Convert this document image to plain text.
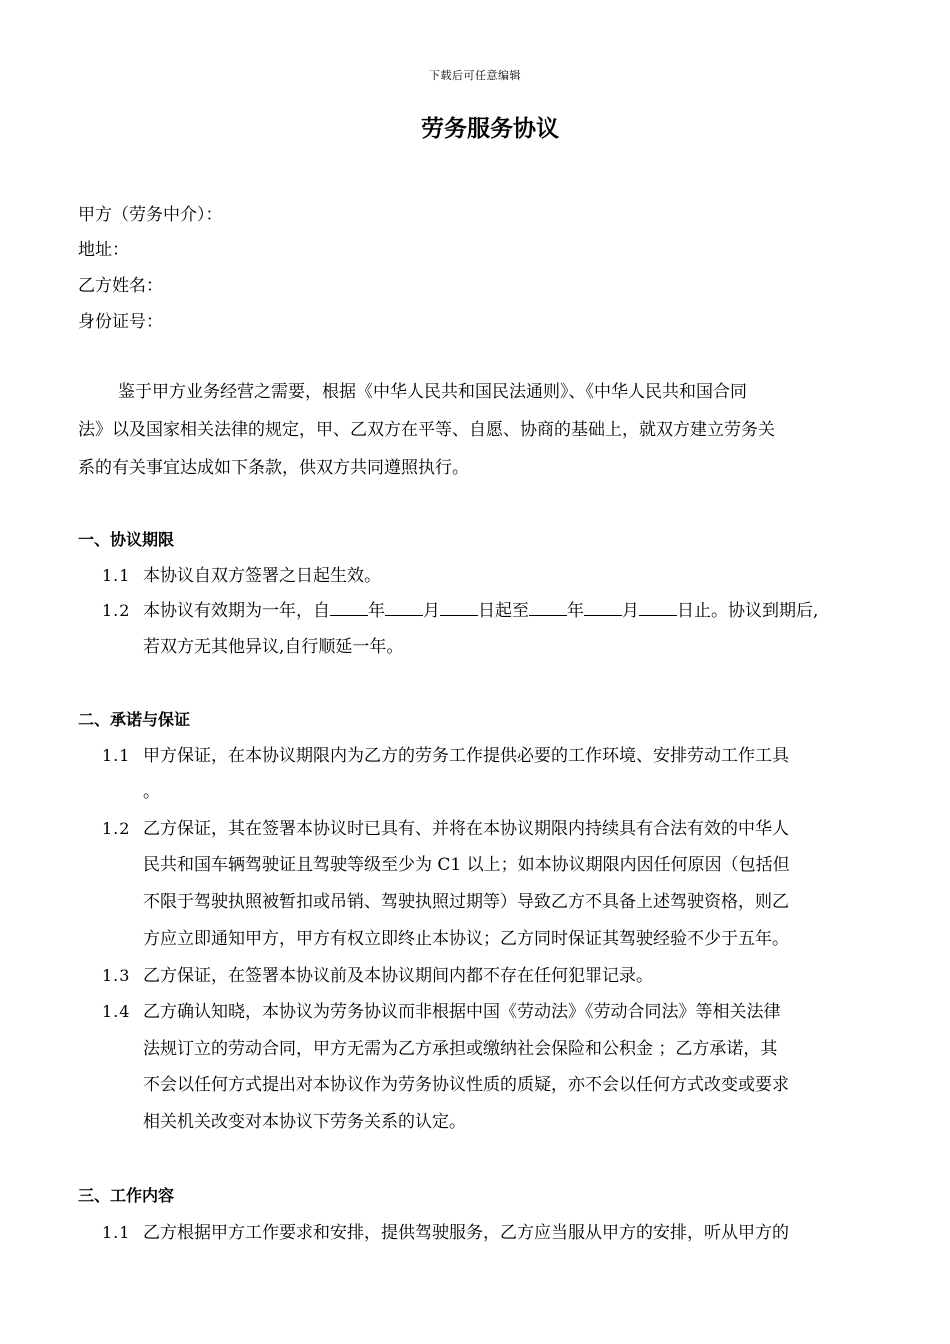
下载后可任意编辑
劳务服务协议
甲方（劳务中介）：
地址：
乙方姓名：
身份证号：
鉴于甲方业务经营之需要，根据《中华人民共和国民法通则》、《中华人民共和国合同
法》以及国家相关法律的规定，甲、乙双方在平等、自愿、协商的基础上，就双方建立劳务关
系的有关事宜达成如下条款，供双方共同遵照执行。
一、协议期限
1.1 本协议自双方签署之日起生效。
1.2 本协议有效期为一年，自 年 月 日起至 年 月 日止。协议到期后,
若双方无其他异议,自行顺延一年。
二、承诺与保证
1.1 甲方保证，在本协议期限内为乙方的劳务工作提供必要的工作环境、安排劳动工作工具
。
1.2 乙方保证，其在签署本协议时已具有、并将在本协议期限内持续具有合法有效的中华人
民共和国车辆驾驶证且驾驶等级至少为 C1 以上；如本协议期限内因任何原因（包括但
不限于驾驶执照被暂扣或吊销、驾驶执照过期等）导致乙方不具备上述驾驶资格，则乙
方应立即通知甲方，甲方有权立即终止本协议；乙方同时保证其驾驶经验不少于五年。
1.3 乙方保证，在签署本协议前及本协议期间内都不存在任何犯罪记录。
1.4 乙方确认知晓，本协议为劳务协议而非根据中国《劳动法》《劳动合同法》等相关法律
法规订立的劳动合同，甲方无需为乙方承担或缴纳社会保险和公积金 ；乙方承诺，其
不会以任何方式提出对本协议作为劳务协议性质的质疑，亦不会以任何方式改变或要求
相关机关改变对本协议下劳务关系的认定。
三、工作内容
1.1 乙方根据甲方工作要求和安排，提供驾驶服务，乙方应当服从甲方的安排，听从甲方的
